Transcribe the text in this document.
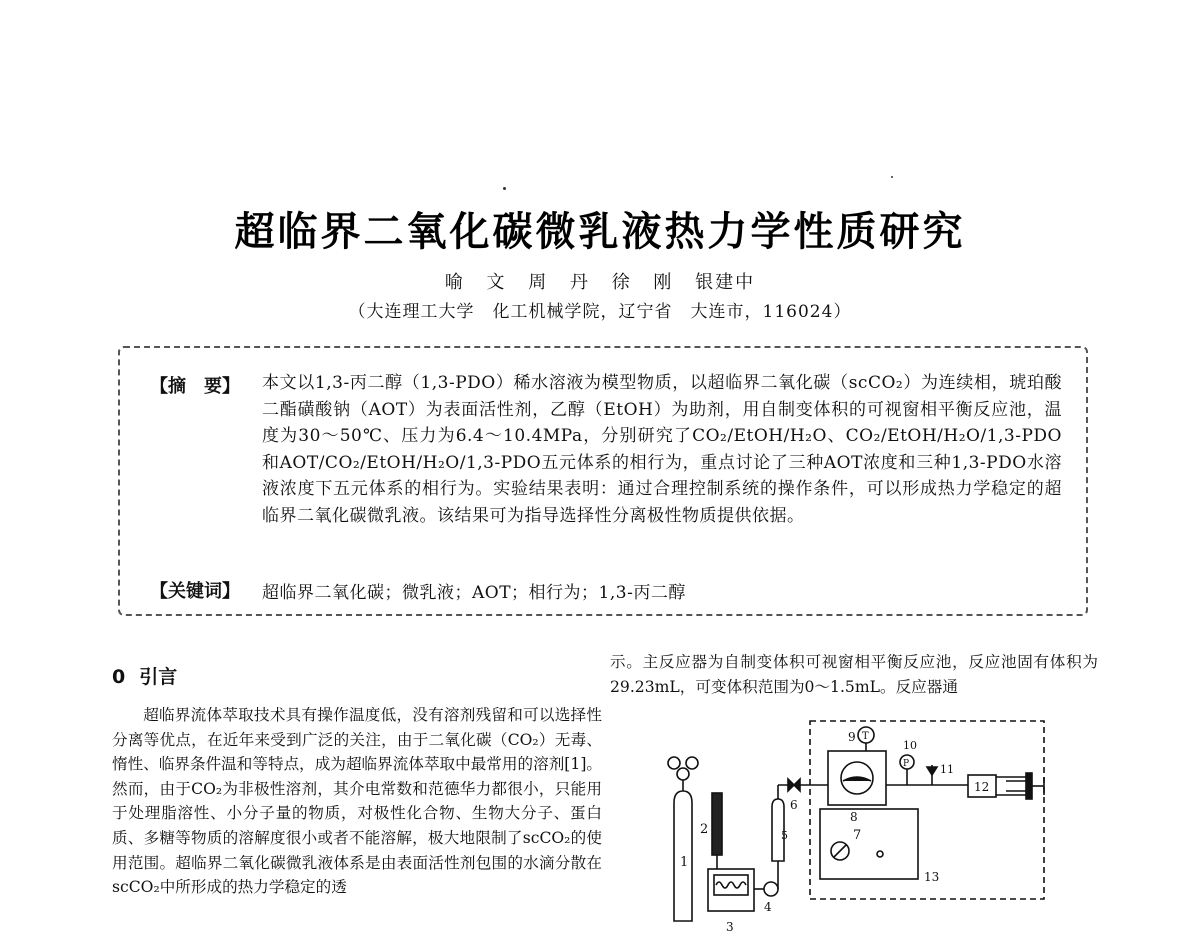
超临界二氧化碳微乳液热力学性质研究
喻 文 周 丹 徐 刚 银建中
（大连理工大学　化工机械学院，辽宁省　大连市，116024）
【摘　要】 本文以1,3-丙二醇（1,3-PDO）稀水溶液为模型物质，以超临界二氧化碳（scCO₂）为连续相，琥珀酸二酯磺酸钠（AOT）为表面活性剂，乙醇（EtOH）为助剂，用自制变体积的可视窗相平衡反应池，温度为30～50℃、压力为6.4～10.4MPa，分别研究了CO₂/EtOH/H₂O、CO₂/EtOH/H₂O/1,3-PDO和AOT/CO₂/EtOH/H₂O/1,3-PDO五元体系的相行为，重点讨论了三种AOT浓度和三种1,3-PDO水溶液浓度下五元体系的相行为。实验结果表明：通过合理控制系统的操作条件，可以形成热力学稳定的超临界二氧化碳微乳液。该结果可为指导选择性分离极性物质提供依据。
【关键词】 超临界二氧化碳；微乳液；AOT；相行为；1,3-丙二醇
0 引言
超临界流体萃取技术具有操作温度低，没有溶剂残留和可以选择性分离等优点，在近年来受到广泛的关注，由于二氧化碳（CO₂）无毒、惰性、临界条件温和等特点，成为超临界流体萃取中最常用的溶剂[1]。然而，由于CO₂为非极性溶剂，其介电常数和范德华力都很小，只能用于处理脂溶性、小分子量的物质，对极性化合物、生物大分子、蛋白质、多糖等物质的溶解度很小或者不能溶解，极大地限制了scCO₂的使用范围。超临界二氧化碳微乳液体系是由表面活性剂包围的水滴分散在scCO₂中所形成的热力学稳定的透
示。主反应器为自制变体积可视窗相平衡反应池，反应池固有体积为29.23mL，可变体积范围为0～1.5mL。反应器通
1
2
3
4
5
6
13
8
T
9
P
10
11
12
7
